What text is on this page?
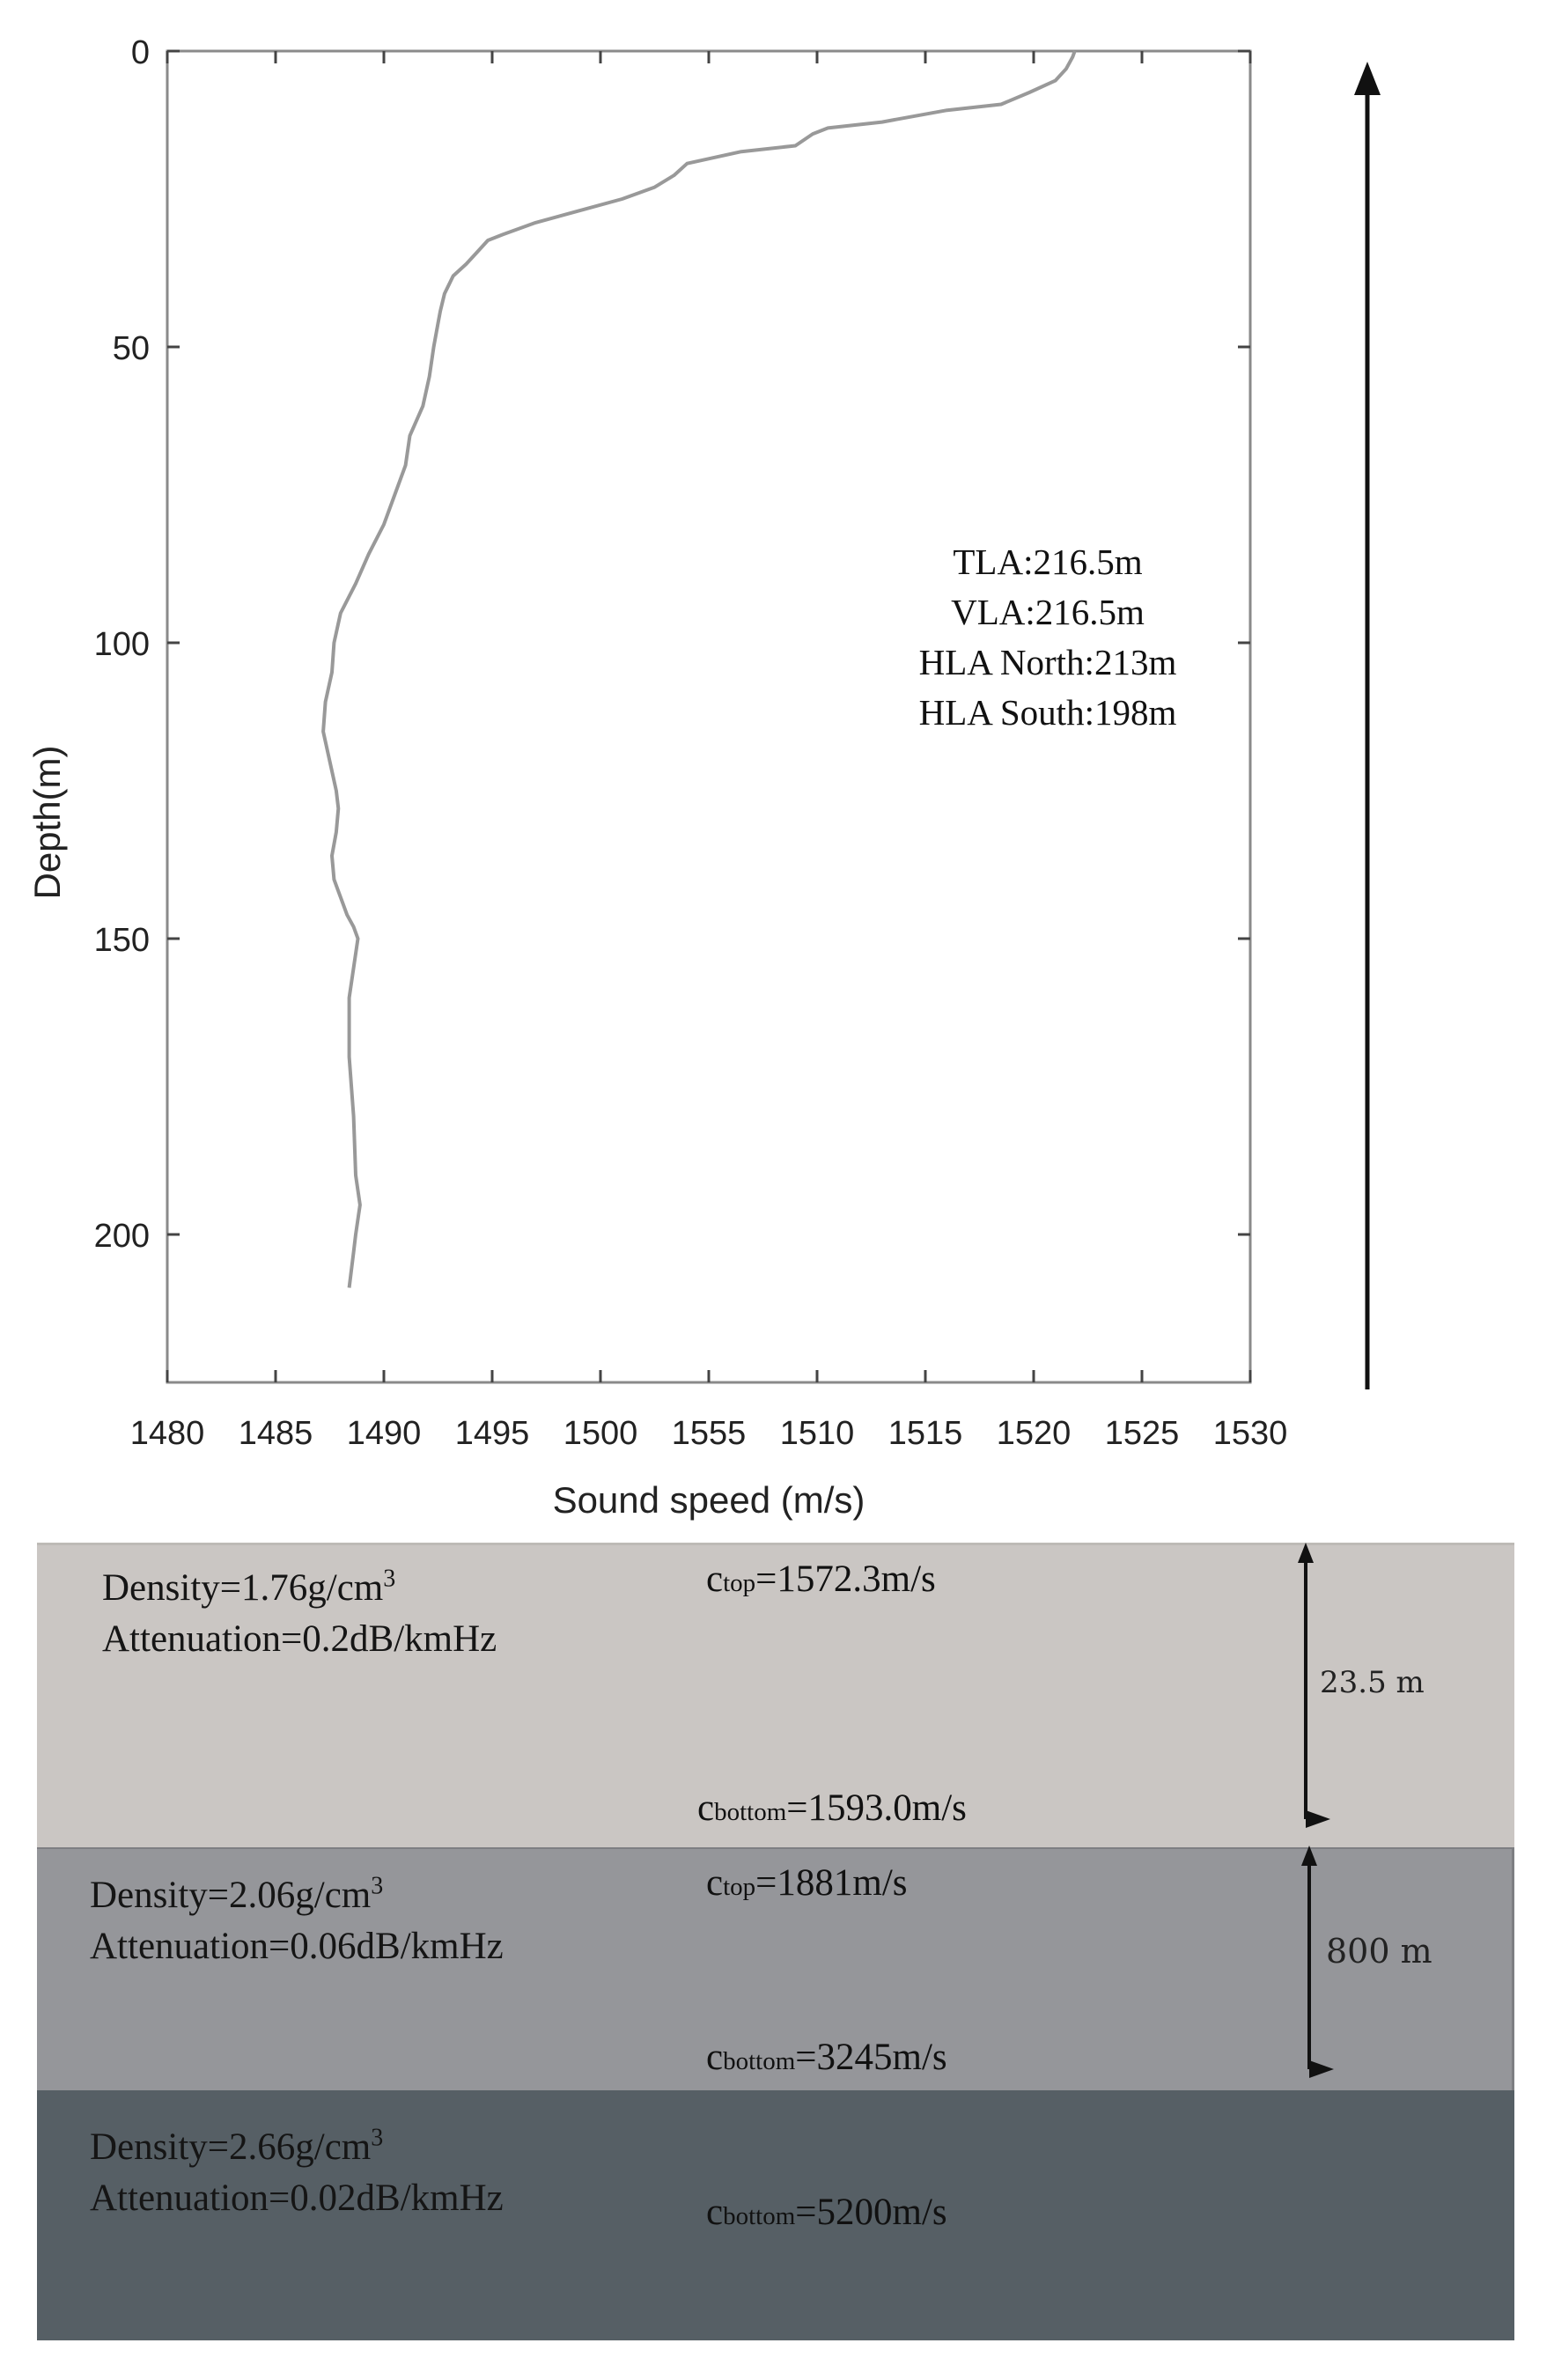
1480 1485 1490 1495 1500 1555 1510 1515 1520 1525 1530
0
50
100
150
200
Sound speed (m/s)
Depth(m)
TLA:216.5m
VLA:216.5m
HLA North:213m
HLA South:198m
$Density=1.76g/cm^3$
Attenuation=0.2dB/kmHz
ctop=1572.3m/s
cbottom=1593.0m/s
23.5 m
$Density=2.06g/cm^3$
Attenuation=0.06dB/kmHz
ctop=1881m/s
cbottom=3245m/s
800 m
$Density=2.66g/cm^3$
Attenuation=0.02dB/kmHz	cbottom=5200m/s
